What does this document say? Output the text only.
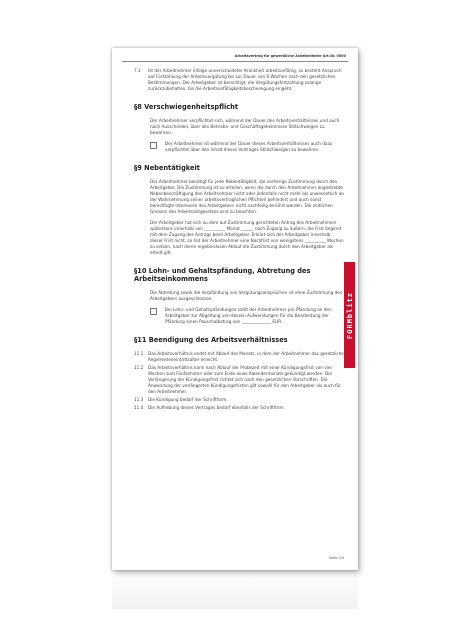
Arbeitsvertrag für gewerbliche Arbeitnehmer Art.Nr. 0500
7.3	Ist der Arbeitnehmer infolge unverschuldeter Krankheit arbeitsunfähig, so besteht Anspruch auf Fortzahlung der Arbeitsvergütung bis zur Dauer von 6 Wochen nach den gesetzlichen Bestimmungen. Der Arbeitgeber ist berechtigt, die Vergütungsfortzahlung solange zurückzubehalten, bis die Arbeitsunfähigkeitsbescheinigung eingeht.
§8 Verschwiegenheitspflicht
Der Arbeitnehmer verpflichtet sich, während der Dauer des Arbeitsverhältnisses und auch nach Ausscheiden, über alle Betriebs- und Geschäftsgeheimnisse Stillschweigen zu bewahren.
Der Arbeitnehmer ist während der Dauer dieses Arbeitsverhältnisses auch dazu verpflichtet über den Inhalt dieses Vertrages Stillschweigen zu bewahren.
§9 Nebentätigkeit
Der Arbeitnehmer benötigt für jede Nebentätigkeit, die vorherige Zustimmung durch den Arbeitgeber. Die Zustimmung ist zu erteilen, wenn die durch den Arbeitnehmer angestrebte Nebenbeschäftigung den Arbeitnehmer nicht oder jedenfalls nicht mehr als unwesentlich an der Wahrnehmung seiner arbeitsvertraglichen Pflichten behindert und auch sonst berechtigte Interessen des Arbeitgebers nicht nachteilig berührt werden. Die zeitlichen Grenzen des Arbeitszeitgesetzes sind zu beachten.
Der Arbeitgeber hat sich zu dem auf Zustimmung gerichteten Antrag des Arbeitnehmers spätestens innerhalb von __________ Monat ______ nach Zugang zu äußern; die Frist beginnt mit dem Zugang des Antrags beim Arbeitgeber. Erklärt sich der Arbeitgeber innerhalb dieser Frist nicht, so hat der Arbeitnehmer eine Nachfrist von wenigstens __________ Wochen zu setzen, nach deren ergebnislosen Ablauf die Zustimmung durch den Arbeitgeber als erteilt gilt.
§10 Lohn- und Gehaltspfändung, Abtretung des Arbeitseinkommens
Die Abtretung sowie die Verpfändung von Vergütungsansprüchen ist ohne Zustimmung des Arbeitgebers ausgeschlossen.
Bei Lohn- und Gehaltspfändungen zahlt der Arbeitnehmer pro Pfändung an den Arbeitgeber zur Abgeltung von dessen Aufwendungen für die Bearbeitung der Pfändung einen Pauschalbetrag von ______________ EUR.
§11 Beendigung des Arbeitsverhältnisses
11.1	Das Arbeitsverhältnis endet mit Ablauf des Monats, in dem der Arbeitnehmer das gesetzliche Regelrenteneintrittsalter erreicht.
11.2	Das Arbeitsverhältnis kann nach Ablauf der Probezeit mit einer Kündigungsfrist von vier Wochen zum Fünfzehnten oder zum Ende eines Kalendermonats gekündigt werden. Die Verlängerung der Kündigungsfrist richtet sich nach den gesetzlichen Vorschriften. Die Anwendung der verlängerten Kündigungsfristen gilt sowohl für den Arbeitgeber als auch für den Arbeitnehmer.
11.3	Die Kündigung bedarf der Schriftform.
11.4	Die Aufhebung dieses Vertrages bedarf ebenfalls der Schriftform.
Seite 3/4
FORMblitz
